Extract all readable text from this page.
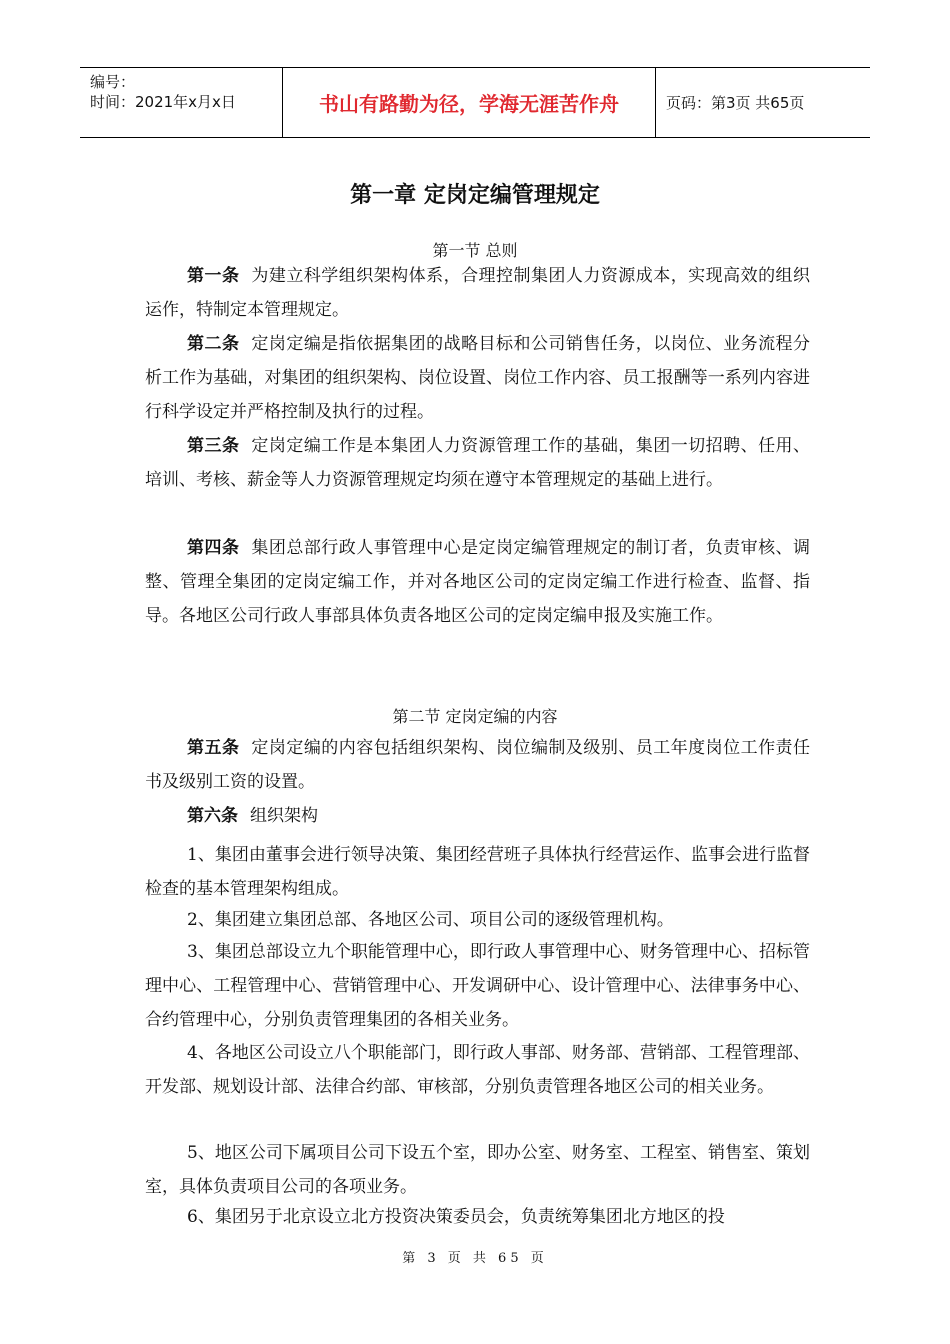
编号：
时间：2021年x月x日	书山有路勤为径，学海无涯苦作舟	页码：第3页 共65页
第一章 定岗定编管理规定
第一节 总则

第一条 为建立科学组织架构体系，合理控制集团人力资源成本，实现高效的组织运作，特制定本管理规定。

第二条 定岗定编是指依据集团的战略目标和公司销售任务，以岗位、业务流程分析工作为基础，对集团的组织架构、岗位设置、岗位工作内容、员工报酬等一系列内容进行科学设定并严格控制及执行的过程。

第三条 定岗定编工作是本集团人力资源管理工作的基础，集团一切招聘、任用、培训、考核、薪金等人力资源管理规定均须在遵守本管理规定的基础上进行。

第四条 集团总部行政人事管理中心是定岗定编管理规定的制订者，负责审核、调整、管理全集团的定岗定编工作，并对各地区公司的定岗定编工作进行检查、监督、指导。各地区公司行政人事部具体负责各地区公司的定岗定编申报及实施工作。

第二节 定岗定编的内容

第五条 定岗定编的内容包括组织架构、岗位编制及级别、员工年度岗位工作责任书及级别工资的设置。

第六条 组织架构

1、集团由董事会进行领导决策、集团经营班子具体执行经营运作、监事会进行监督检查的基本管理架构组成。

2、集团建立集团总部、各地区公司、项目公司的逐级管理机构。

3、集团总部设立九个职能管理中心，即行政人事管理中心、财务管理中心、招标管理中心、工程管理中心、营销管理中心、开发调研中心、设计管理中心、法律事务中心、合约管理中心，分别负责管理集团的各相关业务。

4、各地区公司设立八个职能部门，即行政人事部、财务部、营销部、工程管理部、开发部、规划设计部、法律合约部、审核部，分别负责管理各地区公司的相关业务。

5、地区公司下属项目公司下设五个室，即办公室、财务室、工程室、销售室、策划室，具体负责项目公司的各项业务。

6、集团另于北京设立北方投资决策委员会，负责统筹集团北方地区的投

第 3 页 共 65 页
